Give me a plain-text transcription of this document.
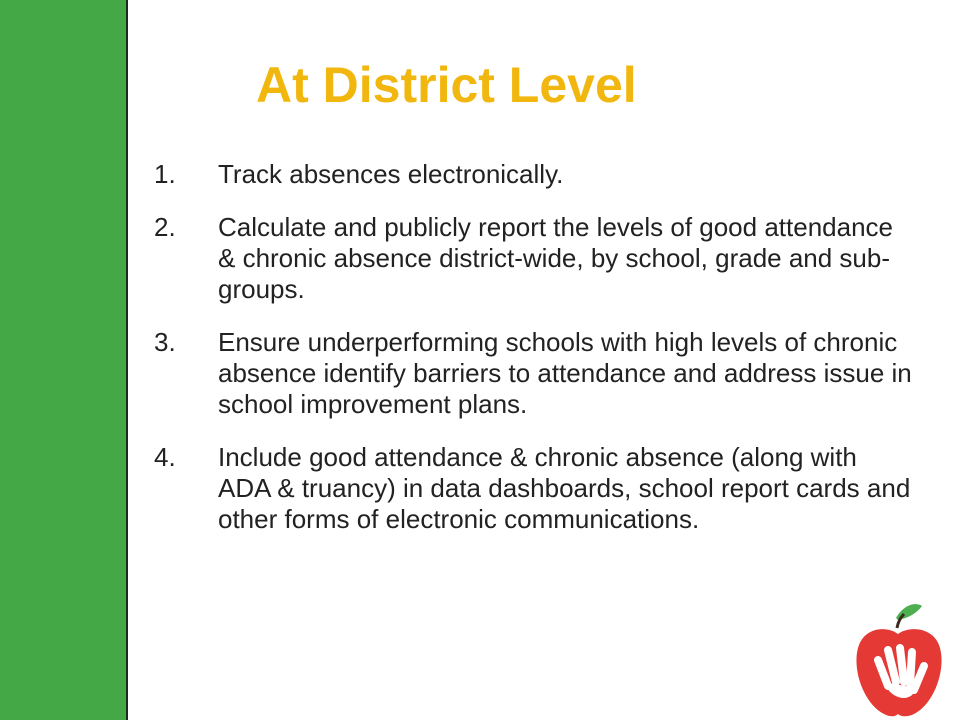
At District Level
1.	Track absences electronically.
2.	Calculate and publicly report the levels of good attendance & chronic absence district-wide, by school, grade and sub-groups.
3.	Ensure underperforming schools with high levels of chronic absence identify barriers to attendance and address issue in school improvement plans.
4.	Include good attendance & chronic absence (along with ADA & truancy) in data dashboards, school report cards and other forms of electronic communications.
